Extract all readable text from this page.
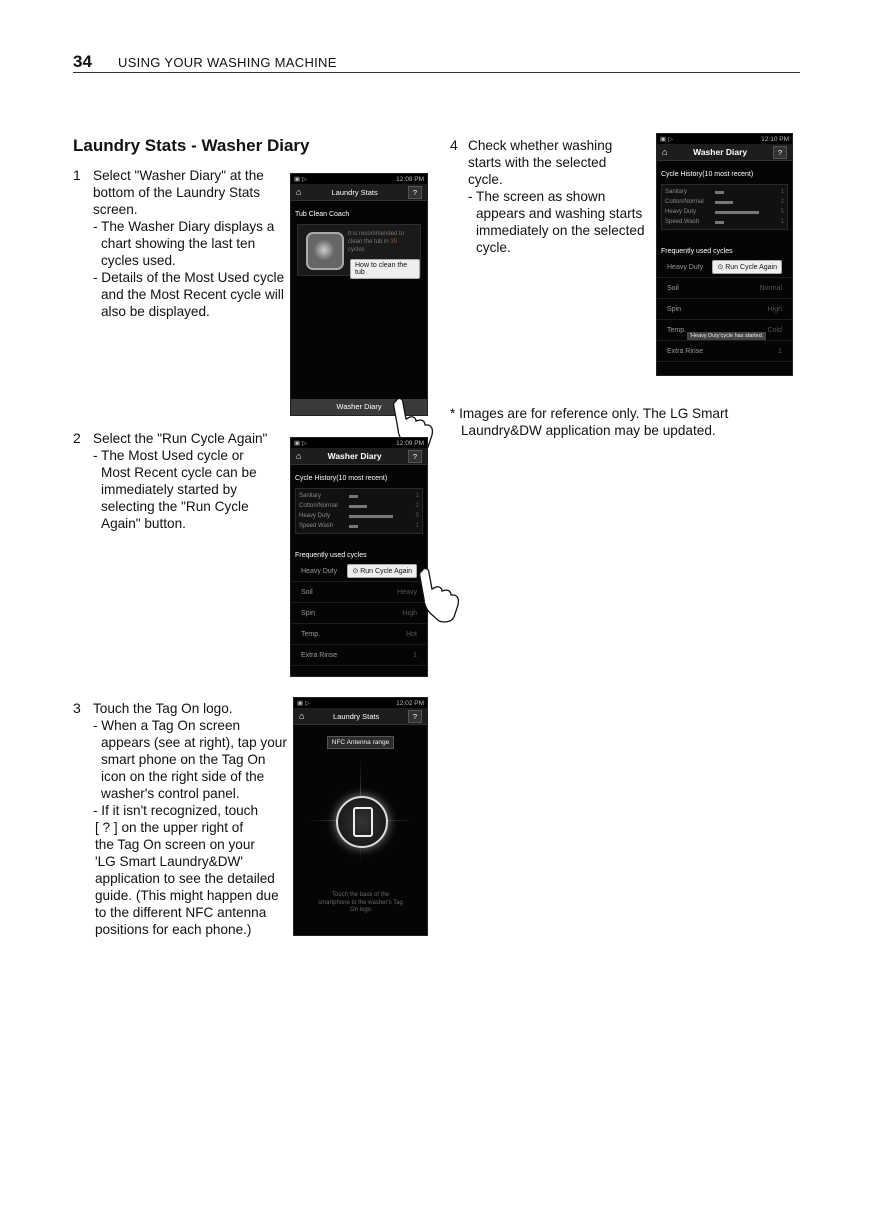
34 USING YOUR WASHING MACHINE
Laundry Stats - Washer Diary
1 Select "Washer Diary" at the

bottom of the Laundry Stats

screen.

- The Washer Diary displays a chart showing the last ten cycles used.

- Details of the Most Used cycle and the Most Recent cycle will also be displayed.

2 Select the "Run Cycle Again"

- The Most Used cycle or Most Recent cycle can be immediately started by selecting the "Run Cycle Again" button.

3 Touch the Tag On logo.

- When a Tag On screen appears (see at right), tap your smart phone on the Tag On icon on the right side of the washer's control panel.

- If it isn't recognized, touch

[ ? ] on the upper right of

the Tag On screen on your 'LG Smart Laundry&DW' application to see the detailed guide. (This might happen due to the different NFC antenna positions for each phone.)

4 Check whether washing

starts with the selected

cycle.

- The screen as shown appears and washing starts immediately on the selected cycle.

* Images are for reference only. The LG Smart Laundry&DW application may be updated.
▣ ▷	12:08 PM
⌂	Laundry Stats	?
Tub Clean Coach
It is recommended to
clean the tub in 30
cycles
How to clean the tub
Washer Diary
▣ ▷	12:09 PM
⌂	Washer Diary	?
Cycle History(10 most recent)
Sanitary	1
Cotton/Normal	2
Heavy Duty	5
Speed Wash	1
Frequently used cycles
Heavy Duty	⊙ Run Cycle Again
Soil	Heavy
Spin	High
Temp.	Hot
Extra Rinse	1
▣ ▷	12:02 PM
⌂	Laundry Stats	?
NFC Antenna range
Touch the back of the
smartphone to the washer's Tag
On logo
▣ ▷	12:10 PM
⌂	Washer Diary	?
Cycle History(10 most recent)
Sanitary	1
Cotton/Normal	2
Heavy Duty	5
Speed Wash	1
Frequently used cycles
Heavy Duty	⊙ Run Cycle Again
Soil	Normal
Spin	High
Temp.	Cold
'Heavy Duty'cycle has started.
Extra Rinse	1
